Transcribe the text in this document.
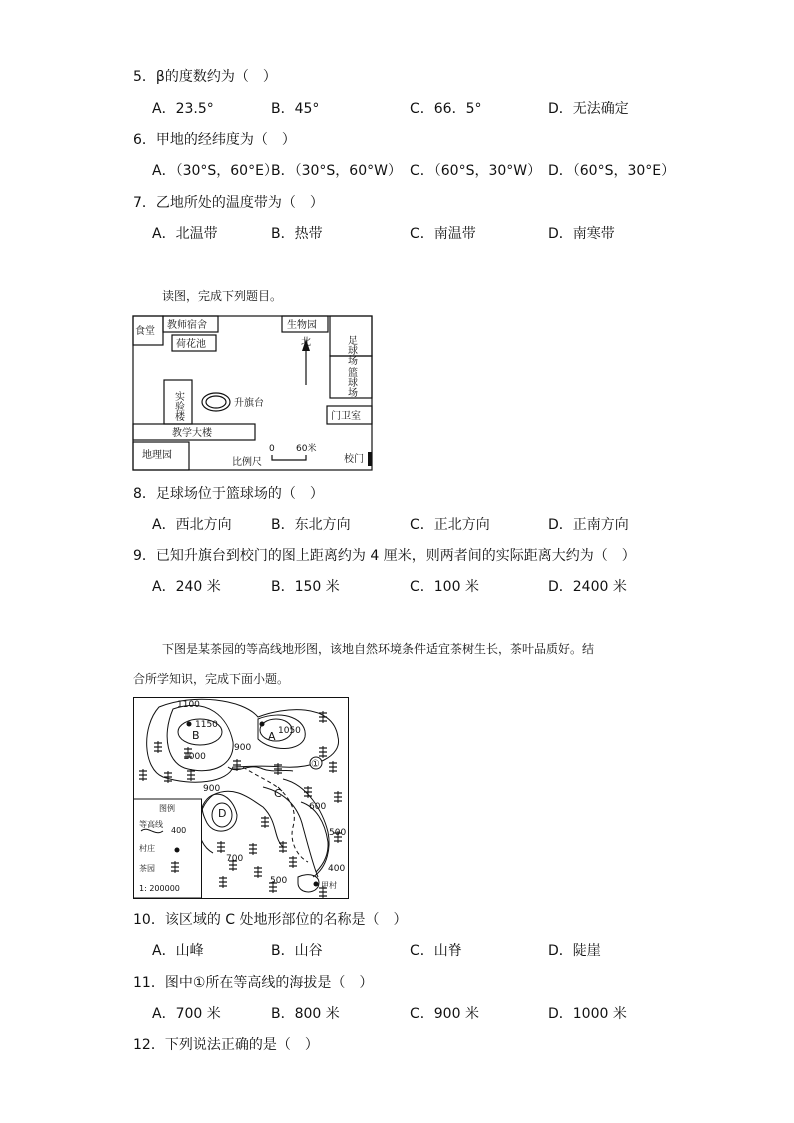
5．β的度数约为（　）
A．23.5°	B．45°	C．66．5°	D．无法确定
6．甲地的经纬度为（　）
A．（30°S，60°E）
B．（30°S，60°W） C．（60°S，30°W） D．（60°S，30°E）
7．乙地所处的温度带为（　）
A．北温带	B．热带	C．南温带	D．南寒带
读图，完成下列题目。
食堂
教师宿舍
荷花池
生物园
北	足球场
篮球场
实验楼	升旗台
门卫室
教学大楼
地理园
0 60米
比例尺	校门
8．足球场位于篮球场的（　）
A．西北方向	B．东北方向	C．正北方向	D．正南方向
9．已知升旗台到校门的图上距离约为 4 厘米，则两者间的实际距离大约为（　）
A．240 米	B．150 米	C．100 米	D．2400 米
下图是某茶园的等高线地形图，该地自然环境条件适宜茶树生长，茶叶品质好。结
合所学知识，完成下面小题。
1100
1150
B	A 1050
900
1000
①
900
D
C
600
500
700
400
500	甲村
图例
等高线
400
村庄
茶园
1: 200000
10．该区域的 C 处地形部位的名称是（　）
A．山峰	B．山谷	C．山脊	D．陡崖
11．图中①所在等高线的海拔是（　）
A．700 米	B．800 米	C．900 米	D．1000 米
12．下列说法正确的是（　）
